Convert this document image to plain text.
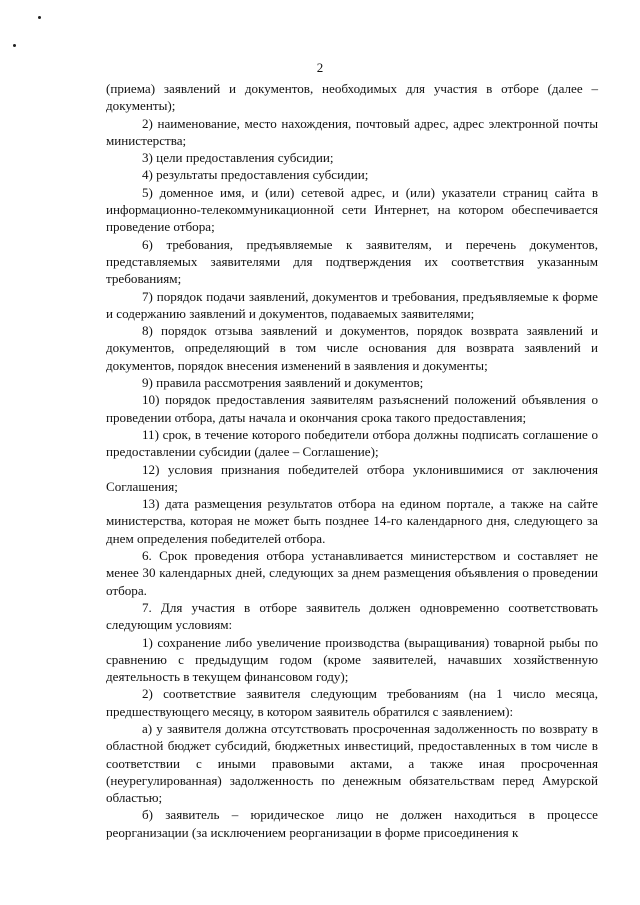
2

(приема) заявлений и документов, необходимых для участия в отборе (далее – документы);

2) наименование, место нахождения, почтовый адрес, адрес электронной почты министерства;

3) цели предоставления субсидии;

4) результаты предоставления субсидии;

5) доменное имя, и (или) сетевой адрес, и (или) указатели страниц сайта в информационно-телекоммуникационной сети Интернет, на котором обеспечивается проведение отбора;

6) требования, предъявляемые к заявителям, и перечень документов, представляемых заявителями для подтверждения их соответствия указанным требованиям;

7) порядок подачи заявлений, документов и требования, предъявляемые к форме и содержанию заявлений и документов, подаваемых заявителями;

8) порядок отзыва заявлений и документов, порядок возврата заявлений и документов, определяющий в том числе основания для возврата заявлений и документов, порядок внесения изменений в заявления и документы;

9) правила рассмотрения заявлений и документов;

10) порядок предоставления заявителям разъяснений положений объявления о проведении отбора, даты начала и окончания срока такого предоставления;

11) срок, в течение которого победители отбора должны подписать соглашение о предоставлении субсидии (далее – Соглашение);

12) условия признания победителей отбора уклонившимися от заключения Соглашения;

13) дата размещения результатов отбора на едином портале, а также на сайте министерства, которая не может быть позднее 14-го календарного дня, следующего за днем определения победителей отбора.

6. Срок проведения отбора устанавливается министерством и составляет не менее 30 календарных дней, следующих за днем размещения объявления о проведении отбора.

7. Для участия в отборе заявитель должен одновременно соответствовать следующим условиям:

1) сохранение либо увеличение производства (выращивания) товарной рыбы по сравнению с предыдущим годом (кроме заявителей, начавших хозяйственную деятельность в текущем финансовом году);

2) соответствие заявителя следующим требованиям (на 1 число месяца, предшествующего месяцу, в котором заявитель обратился с заявлением):

а) у заявителя должна отсутствовать просроченная задолженность по возврату в областной бюджет субсидий, бюджетных инвестиций, предоставленных в том числе в соответствии с иными правовыми актами, а также иная просроченная (неурегулированная) задолженность по денежным обязательствам перед Амурской областью;

б) заявитель – юридическое лицо не должен находиться в процессе реорганизации (за исключением реорганизации в форме присоединения к
